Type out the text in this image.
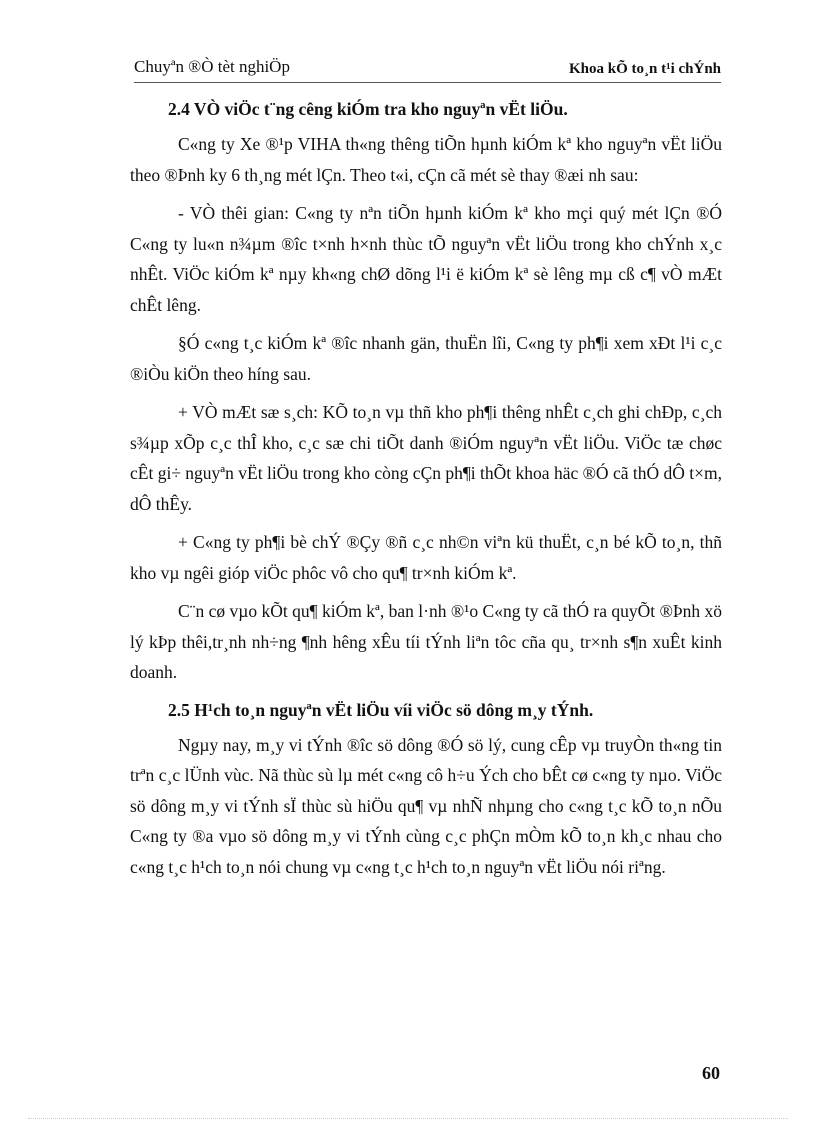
Chuyªn ®Ò tèt nghiÖp	Khoa kÕ to¸n t¹i chÝnh
2.4 VÒ viÖc t¨ng cêng kiÓm tra kho nguyªn vËt liÖu.

C«ng ty Xe ®¹p VIHA th«ng thêng tiÕn hµnh kiÓm kª kho nguyªn vËt liÖu theo ®Þnh ky 6 th¸ng mét lÇn. Theo t«i, cÇn cã mét sè thay ®æi nh sau:

- VÒ thêi gian: C«ng ty nªn tiÕn hµnh kiÓm kª kho mçi quý mét lÇn ®Ó C«ng ty lu«n n¾µm ®îc t×nh h×nh thùc tÕ nguyªn vËt liÖu trong kho chÝnh x¸c nhÊt. ViÖc kiÓm kª nµy kh«ng chØ dõng l¹i ë kiÓm kª sè lêng mµ cß c¶ vÒ mÆt chÊt lêng.

§Ó c«ng t¸c kiÓm kª ®îc nhanh gän, thuËn lîi, C«ng ty ph¶i xem xÐt l¹i c¸c ®iÒu kiÖn theo híng sau.

+ VÒ mÆt sæ s¸ch: KÕ to¸n vµ thñ kho ph¶i thêng nhÊt c¸ch ghi chÐp, c¸ch s¾µp xÕp c¸c thÎ kho, c¸c sæ chi tiÕt danh ®iÓm nguyªn vËt liÖu. ViÖc tæ chøc cÊt gi÷ nguyªn vËt liÖu trong kho còng cÇn ph¶i thÕt khoa häc ®Ó cã thÓ dÔ t×m, dÔ thÊy.

+ C«ng ty ph¶i bè chÝ ®Çy ®ñ c¸c nh©n viªn kü thuËt, c¸n bé kÕ to¸n, thñ kho vµ ngêi gióp viÖc phôc vô cho qu¶ tr×nh kiÓm kª.

C¨n cø vµo kÕt qu¶ kiÓm kª, ban l·nh ®¹o C«ng ty cã thÓ ra quyÕt ®Þnh xö lý kÞp thêi,tr¸nh nh÷ng ¶nh hêng xÊu tíi tÝnh liªn tôc cña qu¸ tr×nh s¶n xuÊt kinh doanh.

2.5 H¹ch to¸n nguyªn vËt liÖu víi viÖc sö dông m¸y tÝnh.

Ngµy nay, m¸y vi tÝnh ®îc sö dông ®Ó sö lý, cung cÊp vµ truyÒn th«ng tin trªn c¸c lÜnh vùc. Nã thùc sù lµ mét c«ng cô h÷u Ých cho bÊt cø c«ng ty nµo. ViÖc sö dông m¸y vi tÝnh sÏ thùc sù hiÖu qu¶ vµ nhÑ nhµng cho c«ng t¸c kÕ to¸n nÕu C«ng ty ®a vµo sö dông m¸y vi tÝnh cùng c¸c phÇn mÒm kÕ to¸n kh¸c nhau cho c«ng t¸c h¹ch to¸n nói chung vµ c«ng t¸c h¹ch to¸n nguyªn vËt liÖu nói riªng.

60
